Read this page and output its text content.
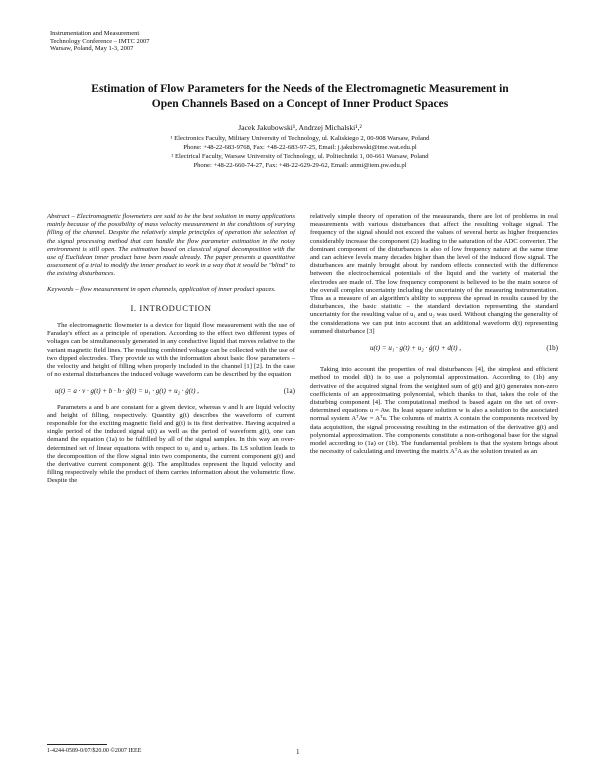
Instrumentation and Measurement
Technology Conference – IMTC 2007
Warsaw, Poland, May 1-3, 2007
Estimation of Flow Parameters for the Needs of the Electromagnetic Measurement in
Open Channels Based on a Concept of Inner Product Spaces
Jacek Jakubowski¹, Andrzej Michalski¹,²
¹ Electronics Faculty, Military University of Technology, ul. Kaliskiego 2, 00-908 Warsaw, Poland
Phone: +48-22-683-9768, Fax: +48-22-683-97-25, Email: j.jakubowski@ime.wat.edu.pl
² Electrical Faculty, Warsaw University of Technology, ul. Politechniki 1, 00-661 Warsaw, Poland
Phone: +48-22-660-74-27, Fax: +48-22-629-29-62, Email: anmi@iem.pw.edu.pl
Abstract – Electromagnetic flowmeters are said to be the best solution in many applications mainly because of the possibility of mass velocity measurement in the conditions of varying filling of the channel. Despite the relatively simple principles of operation the selection of the signal processing method that can handle the flow parameter estimation in the noisy environment is still open. The estimation based on classical signal decomposition with the use of Euclidean inner product have been made already. The paper presents a quantitative assessment of a trial to modify the inner product to work in a way that it would be "blind" to the existing disturbances.
Keywords – flow measurement in open channels, application of inner product spaces.
I. INTRODUCTION
The electromagnetic flowmeter is a device for liquid flow measurement with the use of Faraday's effect as a principle of operation. According to the effect two different types of voltages can be simultaneously generated in any conductive liquid that moves relative to the variant magnetic field lines. The resulting combined voltage can be collected with the use of two dipped electrodes. They provide us with the information about basic flow parameters – the velocity and height of filling when properly included in the channel [1] [2]. In the case of no external disturbances the induced voltage waveform can be described by the equation
u(t) = a · v · g(t) + b · h · ġ(t) = u₁ · g(t) + u₂ · ġ(t) ,	(1a)
Parameters a and b are constant for a given device, whereas v and h are liquid velocity and height of filling, respectively. Quantity g(t) describes the waveform of current responsible for the exciting magnetic field and ġ(t) is its first derivative. Having acquired a single period of the induced signal u(t) as well as the period of waveform g(t), one can demand the equation (1a) to be fulfilled by all of the signal samples. In this way an over-determined set of linear equations with respect to u₁ and u₂ arises. Its LS solution leads to the decomposition of the flow signal into two components, the current component g(t) and the derivative current component ġ(t). The amplitudes represent the liquid velocity and filling respectively while the product of them carries information about the volumetric flow. Despite the
relatively simple theory of operation of the measurands, there are lot of problems in real measurements with various disturbances that affect the resulting voltage signal. The frequency of the signal should not exceed the values of several hertz as higher frequencies considerably increase the component (2) leading to the saturation of the ADC converter. The dominant component of the disturbances is also of low frequency nature at the same time and can achieve levels many decades higher than the level of the induced flow signal. The disturbances are mainly brought about by random effects connected with the difference between the electrochemical potentials of the liquid and the variety of material the electrodes are made of. The low frequency component is believed to be the main source of the overall complex uncertainty including the uncertainty of the measuring instrumentation. Thus as a measure of an algorithm's ability to suppress the spread in results caused by the disturbances, the basic statistic – the standard deviation representing the standard uncertainty for the resulting value of u₁ and u₂ was used. Without changing the generality of the considerations we can put into account that an additional waveform d(t) representing summed disturbance [3]
u(t) = u₁ · g(t) + u₂ · ġ(t) + d(t) ,	(1b)
Taking into account the properties of real disturbances [4], the simplest and efficient method to model d(t) is to use a polynomial approximation. According to (1b) any derivative of the acquired signal from the weighted sum of g(t) and ġ(t) generates non-zero coefficients of an approximating polynomial, which thanks to that, takes the role of the disturbing component [4]. The computational method is based again on the set of over-determined equations u = Aw. Its least square solution w is also a solution to the associated normal system AᵀAw = Aᵀu. The columns of matrix A contain the components received by data acquisition, the signal processing resulting in the estimation of the derivative ġ(t) and polynomial approximation. The components constitute a non-orthogonal base for the signal model according to (1a) or (1b). The fundamental problem is that the system brings about the necessity of calculating and inverting the matrix AᵀA as the solution treated as an
1-4244-0589-0/07/$20.00 ©2007 IEEE	1
